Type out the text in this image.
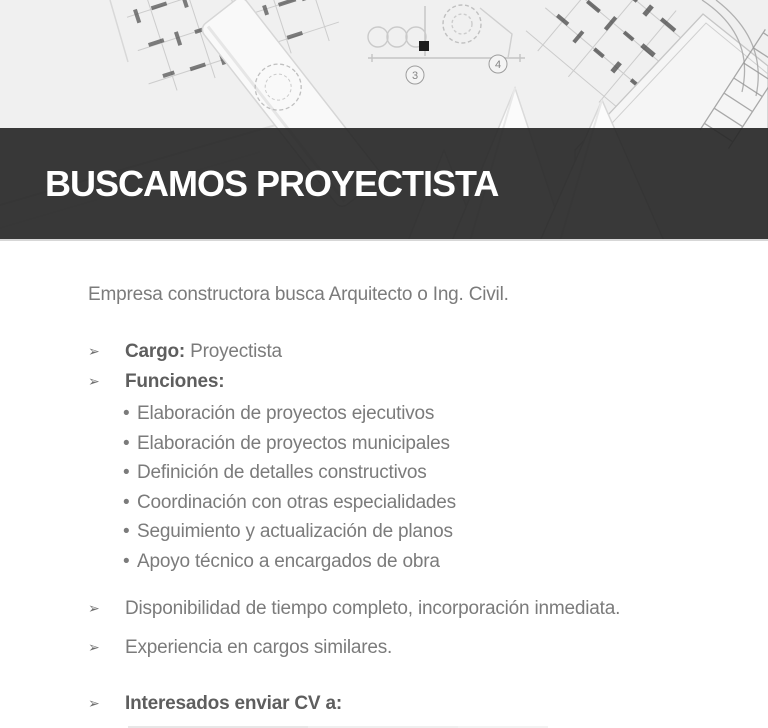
3
4
BUSCAMOS PROYECTISTA

Empresa constructora busca Arquitecto o Ing. Civil.

➢	Cargo: Proyectista

➢	Funciones:

• Elaboración de proyectos ejecutivos
• Elaboración de proyectos municipales
• Definición de detalles constructivos
• Coordinación con otras especialidades
• Seguimiento y actualización de planos
• Apoyo técnico a encargados de obra
➢	Disponibilidad de tiempo completo, incorporación inmediata.

➢	Experiencia en cargos similares.

➢	Interesados enviar CV a:
